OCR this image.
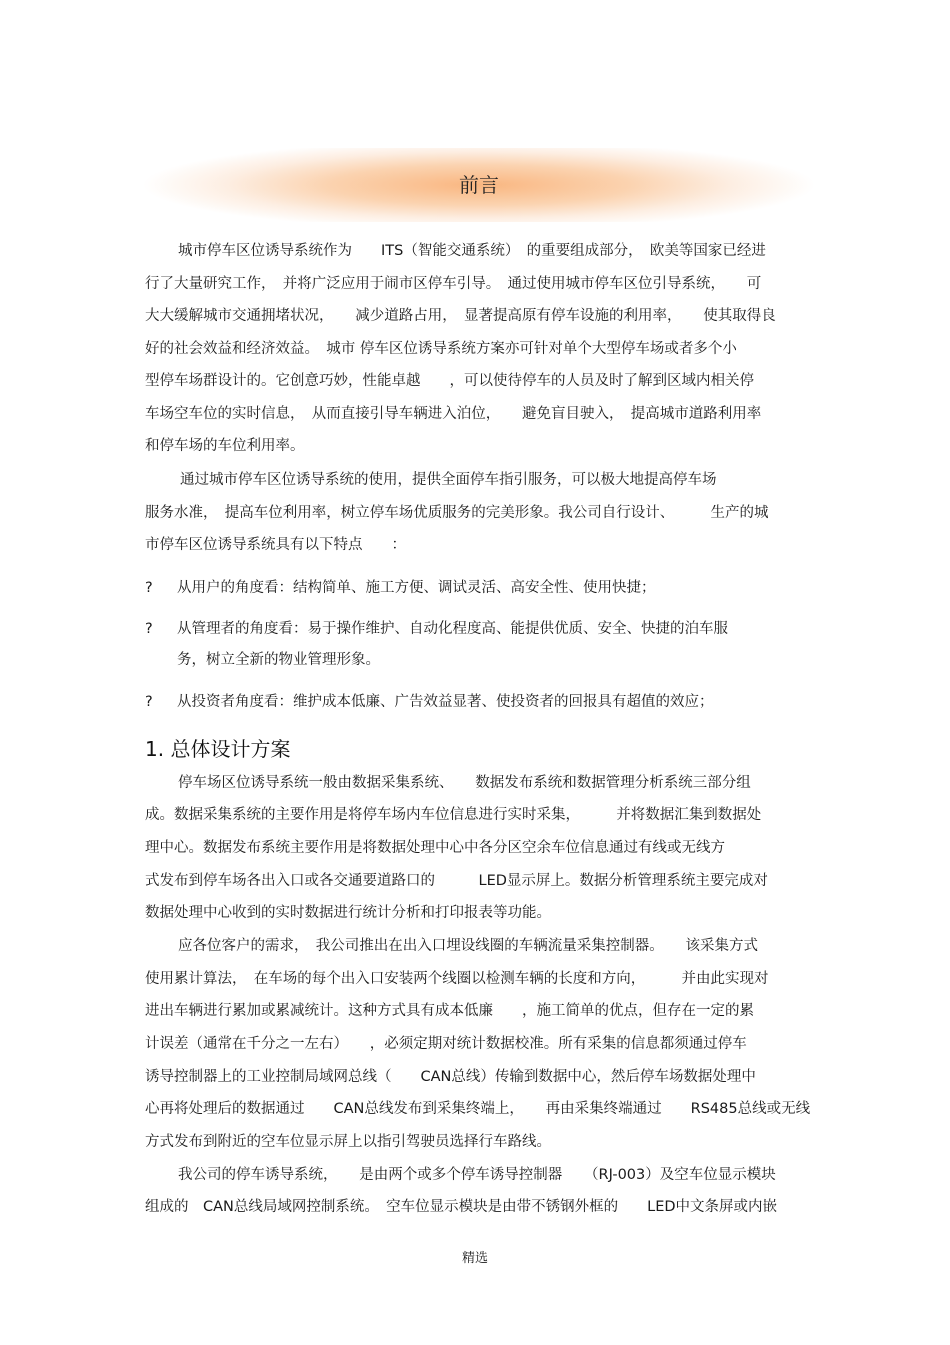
前言
城市停车区位诱导系统作为　　ITS（智能交通系统）　的重要组成部分，　欧美等国家已经进
行了大量研究工作，　并将广泛应用于闹市区停车引导。　通过使用城市停车区位引导系统，　　可
大大缓解城市交通拥堵状况，　　减少道路占用，　显著提高原有停车设施的利用率，　　使其取得良
好的社会效益和经济效益。　城市 停车区位诱导系统方案亦可针对单个大型停车场或者多个小
型停车场群设计的。它创意巧妙，性能卓越　　，可以使待停车的人员及时了解到区域内相关停
车场空车位的实时信息，　从而直接引导车辆进入泊位，　　避免盲目驶入，　提高城市道路利用率
和停车场的车位利用率。
通过城市停车区位诱导系统的使用，提供全面停车指引服务，可以极大地提高停车场
服务水准，　提高车位利用率，树立停车场优质服务的完美形象。我公司自行设计、　　　生产的城
市停车区位诱导系统具有以下特点　　：
? 从用户的角度看：结构简单、施工方便、调试灵活、高安全性、使用快捷；
? 从管理者的角度看：易于操作维护、自动化程度高、能提供优质、安全、快捷的泊车服
务，树立全新的物业管理形象。
? 从投资者角度看：维护成本低廉、广告效益显著、使投资者的回报具有超值的效应；
1. 总体设计方案
停车场区位诱导系统一般由数据采集系统、　　数据发布系统和数据管理分析系统三部分组
成。数据采集系统的主要作用是将停车场内车位信息进行实时采集，　　　并将数据汇集到数据处
理中心。数据发布系统主要作用是将数据处理中心中各分区空余车位信息通过有线或无线方
式发布到停车场各出入口或各交通要道路口的　　　LED显示屏上。数据分析管理系统主要完成对
数据处理中心收到的实时数据进行统计分析和打印报表等功能。
应各位客户的需求，　我公司推出在出入口埋设线圈的车辆流量采集控制器。　　该采集方式
使用累计算法，　在车场的每个出入口安装两个线圈以检测车辆的长度和方向，　　　并由此实现对
进出车辆进行累加或累减统计。这种方式具有成本低廉　　，施工简单的优点，但存在一定的累
计误差（通常在千分之一左右）　　，必须定期对统计数据校准。所有采集的信息都须通过停车
诱导控制器上的工业控制局域网总线（　　CAN总线）传输到数据中心，然后停车场数据处理中
心再将处理后的数据通过　　CAN总线发布到采集终端上，　　再由采集终端通过　　RS485总线或无线
方式发布到附近的空车位显示屏上以指引驾驶员选择行车路线。
我公司的停车诱导系统，　　是由两个或多个停车诱导控制器　　（RJ-003）及空车位显示模块
组成的　CAN总线局域网控制系统。　空车位显示模块是由带不锈钢外框的　　LED中文条屏或内嵌
精选
